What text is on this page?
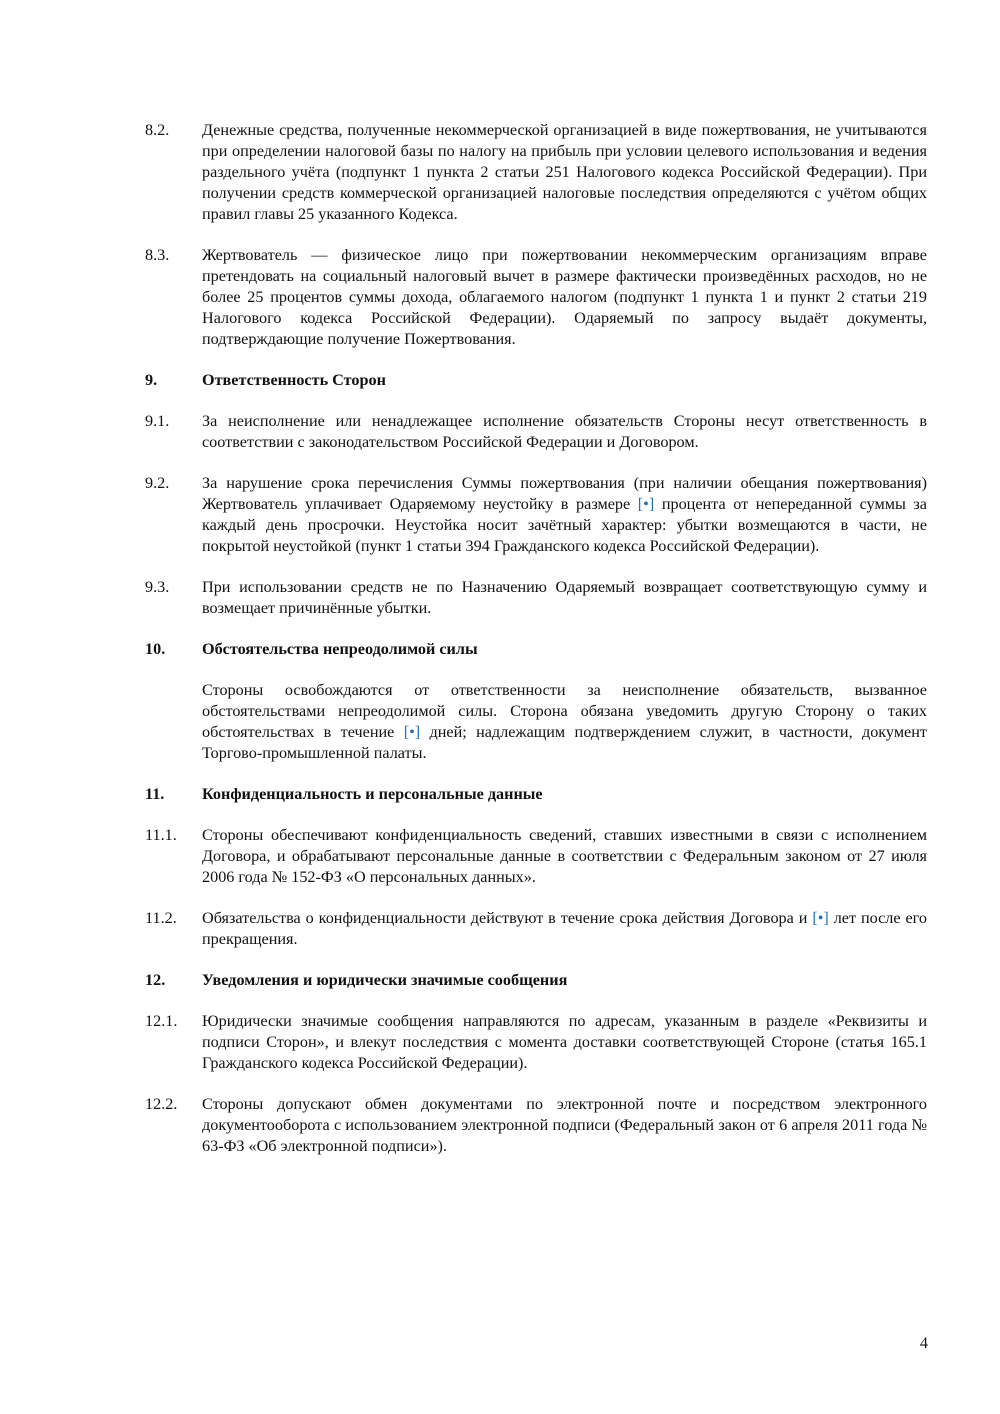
8.2.	Денежные средства, полученные некоммерческой организацией в виде пожертвования, не учитываются при определении налоговой базы по налогу на прибыль при условии целевого использования и ведения раздельного учёта (подпункт 1 пункта 2 статьи 251 Налогового кодекса Российской Федерации). При получении средств коммерческой организацией налоговые последствия определяются с учётом общих правил главы 25 указанного Кодекса.
8.3.	Жертвователь — физическое лицо при пожертвовании некоммерческим организациям вправе претендовать на социальный налоговый вычет в размере фактически произведённых расходов, но не более 25 процентов суммы дохода, облагаемого налогом (подпункт 1 пункта 1 и пункт 2 статьи 219 Налогового кодекса Российской Федерации). Одаряемый по запросу выдаёт документы, подтверждающие получение Пожертвования.
9.	Ответственность Сторон
9.1.	За неисполнение или ненадлежащее исполнение обязательств Стороны несут ответственность в соответствии с законодательством Российской Федерации и Договором.
9.2.	За нарушение срока перечисления Суммы пожертвования (при наличии обещания пожертвования) Жертвователь уплачивает Одаряемому неустойку в размере [•] процента от непереданной суммы за каждый день просрочки. Неустойка носит зачётный характер: убытки возмещаются в части, не покрытой неустойкой (пункт 1 статьи 394 Гражданского кодекса Российской Федерации).
9.3.	При использовании средств не по Назначению Одаряемый возвращает соответствующую сумму и возмещает причинённые убытки.
10.	Обстоятельства непреодолимой силы
Стороны освобождаются от ответственности за неисполнение обязательств, вызванное обстоятельствами непреодолимой силы. Сторона обязана уведомить другую Сторону о таких обстоятельствах в течение [•] дней; надлежащим подтверждением служит, в частности, документ Торгово-промышленной палаты.
11.	Конфиденциальность и персональные данные
11.1.	Стороны обеспечивают конфиденциальность сведений, ставших известными в связи с исполнением Договора, и обрабатывают персональные данные в соответствии с Федеральным законом от 27 июля 2006 года № 152-ФЗ «О персональных данных».
11.2.	Обязательства о конфиденциальности действуют в течение срока действия Договора и [•] лет после его прекращения.
12.	Уведомления и юридически значимые сообщения
12.1.	Юридически значимые сообщения направляются по адресам, указанным в разделе «Реквизиты и подписи Сторон», и влекут последствия с момента доставки соответствующей Стороне (статья 165.1 Гражданского кодекса Российской Федерации).
12.2.	Стороны допускают обмен документами по электронной почте и посредством электронного документооборота с использованием электронной подписи (Федеральный закон от 6 апреля 2011 года № 63-ФЗ «Об электронной подписи»).
4
